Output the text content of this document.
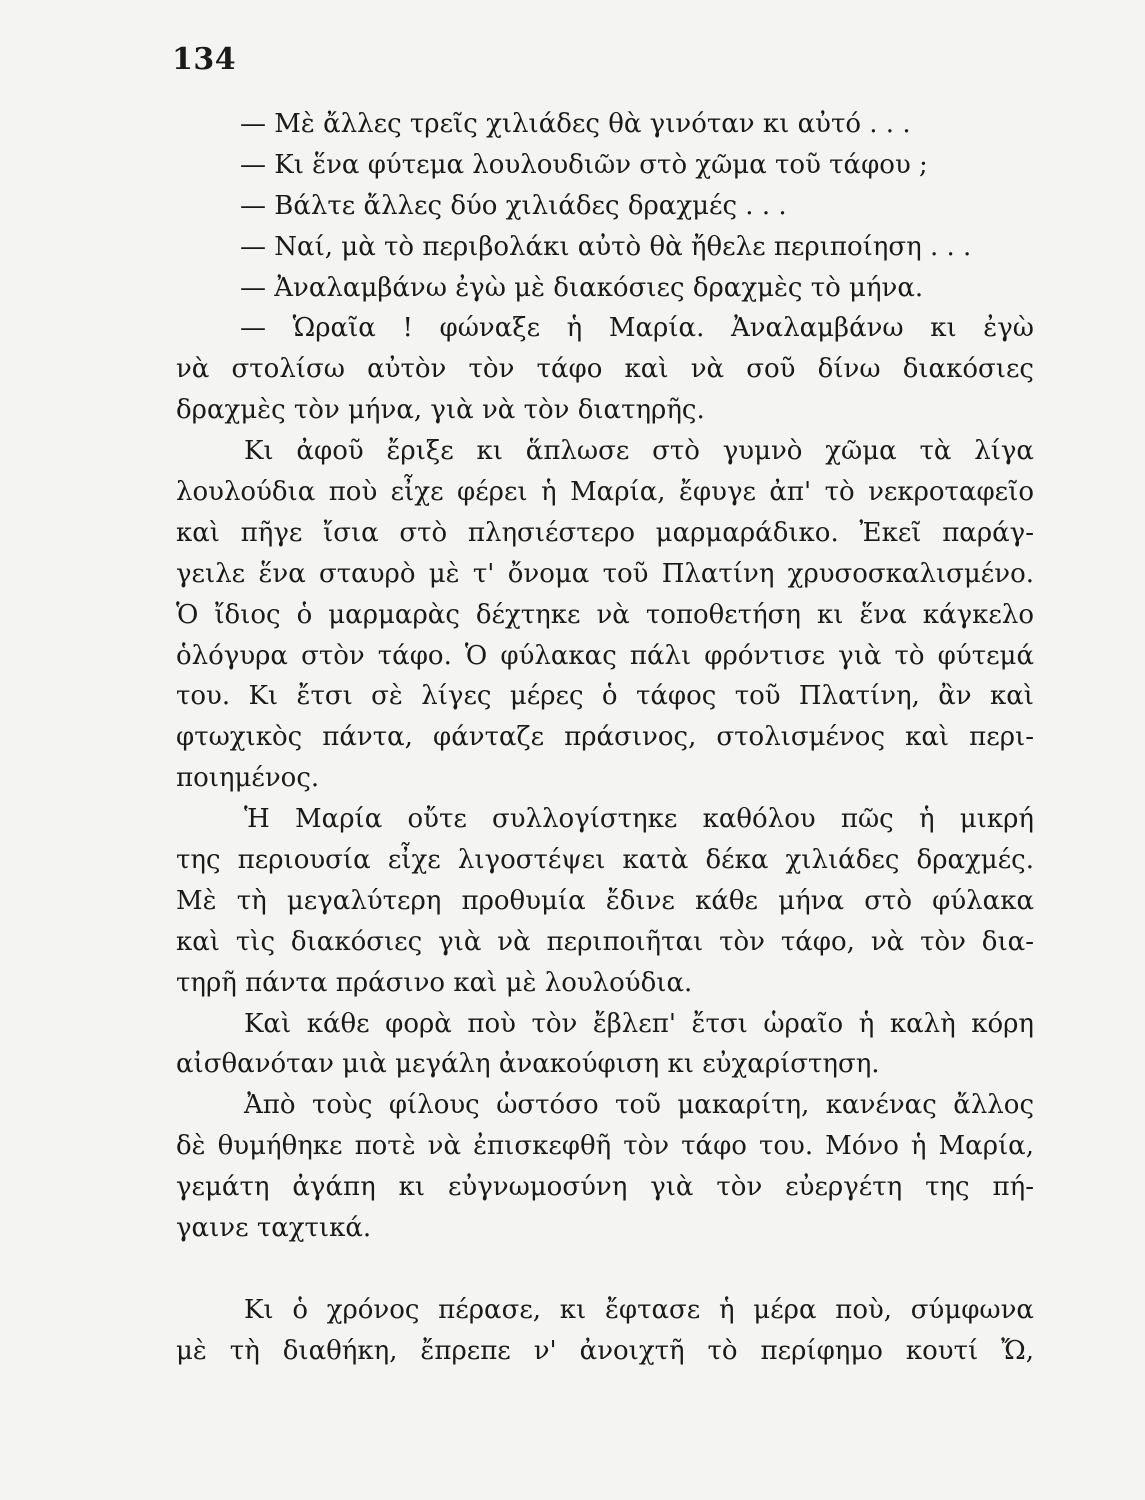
134
— Μὲ ἄλλες τρεῖς χιλιάδες θὰ γινόταν κι αὐτό . . .
— Κι ἕνα φύτεμα λουλουδιῶν στὸ χῶμα τοῦ τάφου ;
— Βάλτε ἄλλες δύο χιλιάδες δραχμές . . .
— Ναί, μὰ τὸ περιβολάκι αὐτὸ θὰ ἤθελε περιποίηση . . .
— Ἀναλαμβάνω ἐγὼ μὲ διακόσιες δραχμὲς τὸ μήνα.
— Ὡραῖα ! φώναξε ἡ Μαρία. Ἀναλαμβάνω κι ἐγὼ
νὰ στολίσω αὐτὸν τὸν τάφο καὶ νὰ σοῦ δίνω διακόσιες
δραχμὲς τὸν μήνα, γιὰ νὰ τὸν διατηρῆς.
Κι ἀφοῦ ἔριξε κι ἅπλωσε στὸ γυμνὸ χῶμα τὰ λίγα
λουλούδια ποὺ εἶχε φέρει ἡ Μαρία, ἔφυγε ἀπ' τὸ νεκροταφεῖο
καὶ πῆγε ἴσια στὸ πλησιέστερο μαρμαράδικο. Ἐκεῖ παράγ-
γειλε ἕνα σταυρὸ μὲ τ' ὄνομα τοῦ Πλατίνη χρυσοσκαλισμένο.
Ὁ ἴδιος ὁ μαρμαρὰς δέχτηκε νὰ τοποθετήση κι ἕνα κάγκελο
ὁλόγυρα στὸν τάφο. Ὁ φύλακας πάλι φρόντισε γιὰ τὸ φύτεμά
του. Κι ἔτσι σὲ λίγες μέρες ὁ τάφος τοῦ Πλατίνη, ἂν καὶ
φτωχικὸς πάντα, φάνταζε πράσινος, στολισμένος καὶ περι-
ποιημένος.
Ἡ Μαρία οὔτε συλλογίστηκε καθόλου πῶς ἡ μικρή
της περιουσία εἶχε λιγοστέψει κατὰ δέκα χιλιάδες δραχμές.
Μὲ τὴ μεγαλύτερη προθυμία ἔδινε κάθε μήνα στὸ φύλακα
καὶ τὶς διακόσιες γιὰ νὰ περιποιῆται τὸν τάφο, νὰ τὸν δια-
τηρῆ πάντα πράσινο καὶ μὲ λουλούδια.
Καὶ κάθε φορὰ ποὺ τὸν ἔβλεπ' ἔτσι ὡραῖο ἡ καλὴ κόρη
αἰσθανόταν μιὰ μεγάλη ἀνακούφιση κι εὐχαρίστηση.
Ἀπὸ τοὺς φίλους ὡστόσο τοῦ μακαρίτη, κανένας ἄλλος
δὲ θυμήθηκε ποτὲ νὰ ἐπισκεφθῆ τὸν τάφο του. Μόνο ἡ Μαρία,
γεμάτη ἀγάπη κι εὐγνωμοσύνη γιὰ τὸν εὐεργέτη της πή-
γαινε ταχτικά.
Κι ὁ χρόνος πέρασε, κι ἔφτασε ἡ μέρα ποὺ, σύμφωνα
μὲ τὴ διαθήκη, ἔπρεπε ν' ἀνοιχτῆ τὸ περίφημο κουτί Ὤ,
